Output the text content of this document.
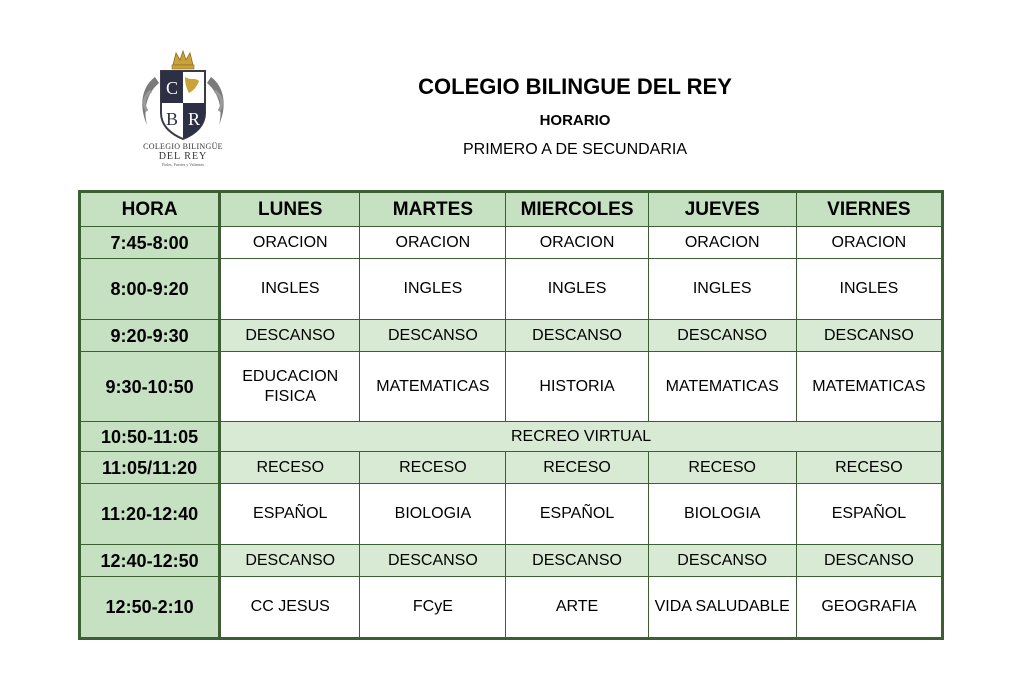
C
B R
COLEGIO BILINGÜE
DEL REY
Fieles, Fuertes y Valientes
COLEGIO BILINGUE DEL REY
HORARIO
PRIMERO A DE SECUNDARIA
HORA	LUNES	MARTES	MIERCOLES	JUEVES	VIERNES
7:45-8:00	ORACION	ORACION	ORACION	ORACION	ORACION
8:00-9:20	INGLES	INGLES	INGLES	INGLES	INGLES
9:20-9:30	DESCANSO	DESCANSO	DESCANSO	DESCANSO	DESCANSO
9:30-10:50	EDUCACION FISICA	MATEMATICAS	HISTORIA	MATEMATICAS	MATEMATICAS
10:50-11:05	RECREO VIRTUAL				
11:05/11:20	RECESO	RECESO	RECESO	RECESO	RECESO
11:20-12:40	ESPAÑOL	BIOLOGIA	ESPAÑOL	BIOLOGIA	ESPAÑOL
12:40-12:50	DESCANSO	DESCANSO	DESCANSO	DESCANSO	DESCANSO
12:50-2:10	CC JESUS	FCyE	ARTE	VIDA SALUDABLE	GEOGRAFIA
